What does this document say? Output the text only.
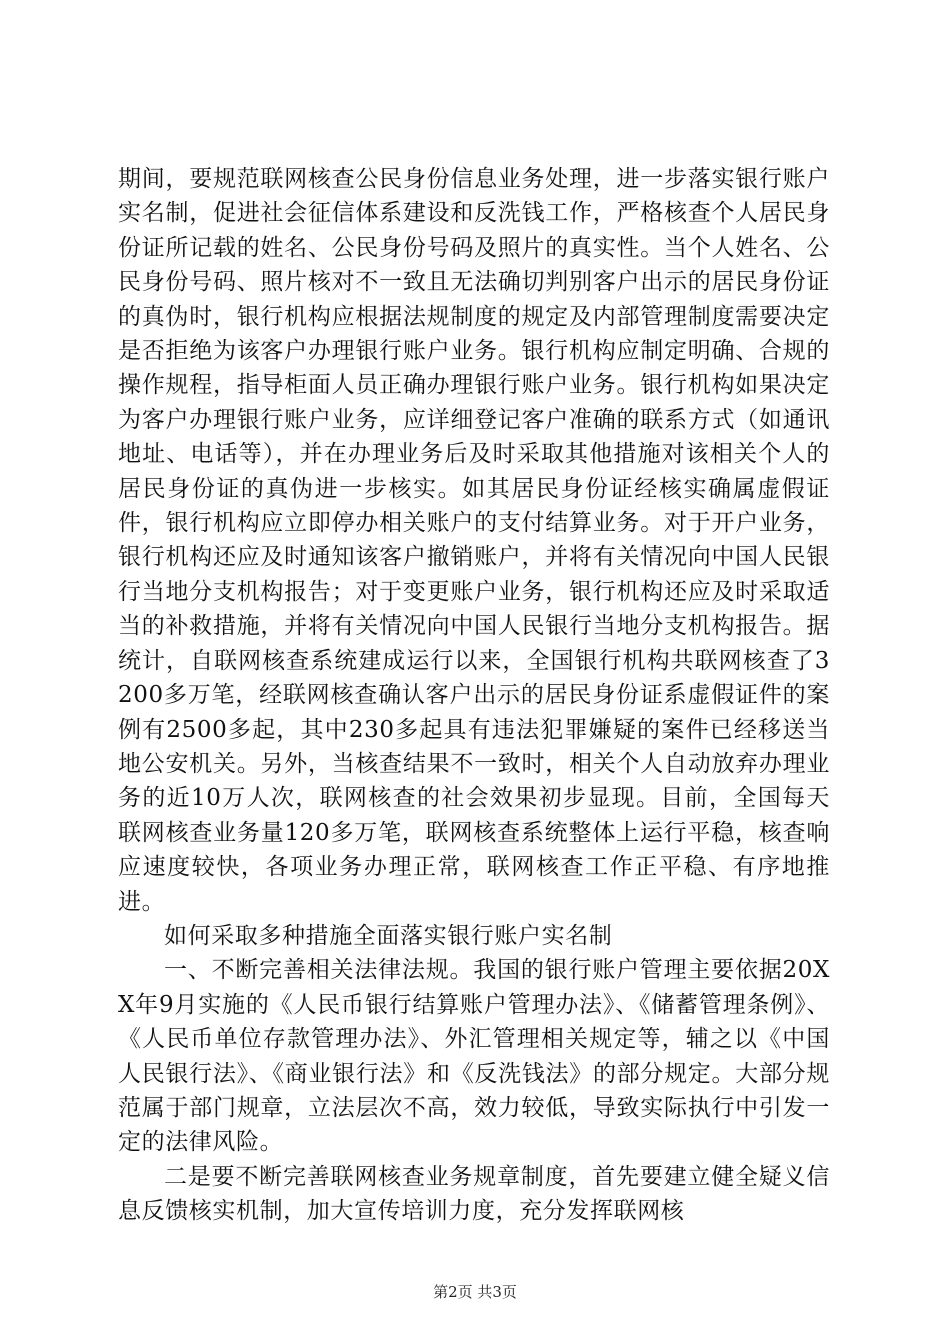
期间，要规范联网核查公民身份信息业务处理，进一步落实银行账户实名制，促进社会征信体系建设和反洗钱工作，严格核查个人居民身份证所记载的姓名、公民身份号码及照片的真实性。当个人姓名、公民身份号码、照片核对不一致且无法确切判别客户出示的居民身份证的真伪时，银行机构应根据法规制度的规定及内部管理制度需要决定是否拒绝为该客户办理银行账户业务。银行机构应制定明确、合规的操作规程，指导柜面人员正确办理银行账户业务。银行机构如果决定为客户办理银行账户业务，应详细登记客户准确的联系方式（如通讯地址、电话等），并在办理业务后及时采取其他措施对该相关个人的居民身份证的真伪进一步核实。如其居民身份证经核实确属虚假证件，银行机构应立即停办相关账户的支付结算业务。对于开户业务，银行机构还应及时通知该客户撤销账户，并将有关情况向中国人民银行当地分支机构报告；对于变更账户业务，银行机构还应及时采取适当的补救措施，并将有关情况向中国人民银行当地分支机构报告。据统计，自联网核查系统建成运行以来，全国银行机构共联网核查了3200多万笔，经联网核查确认客户出示的居民身份证系虚假证件的案例有2500多起，其中230多起具有违法犯罪嫌疑的案件已经移送当地公安机关。另外，当核查结果不一致时，相关个人自动放弃办理业务的近10万人次，联网核查的社会效果初步显现。目前，全国每天联网核查业务量120多万笔，联网核查系统整体上运行平稳，核查响应速度较快，各项业务办理正常，联网核查工作正平稳、有序地推进。

如何采取多种措施全面落实银行账户实名制

一、不断完善相关法律法规。我国的银行账户管理主要依据20XX年9月实施的《人民币银行结算账户管理办法》、《储蓄管理条例》、《人民币单位存款管理办法》、外汇管理相关规定等，辅之以《中国人民银行法》、《商业银行法》和《反洗钱法》的部分规定。大部分规范属于部门规章，立法层次不高，效力较低，导致实际执行中引发一定的法律风险。

二是要不断完善联网核查业务规章制度，首先要建立健全疑义信息反馈核实机制，加大宣传培训力度，充分发挥联网核

第2页 共3页
